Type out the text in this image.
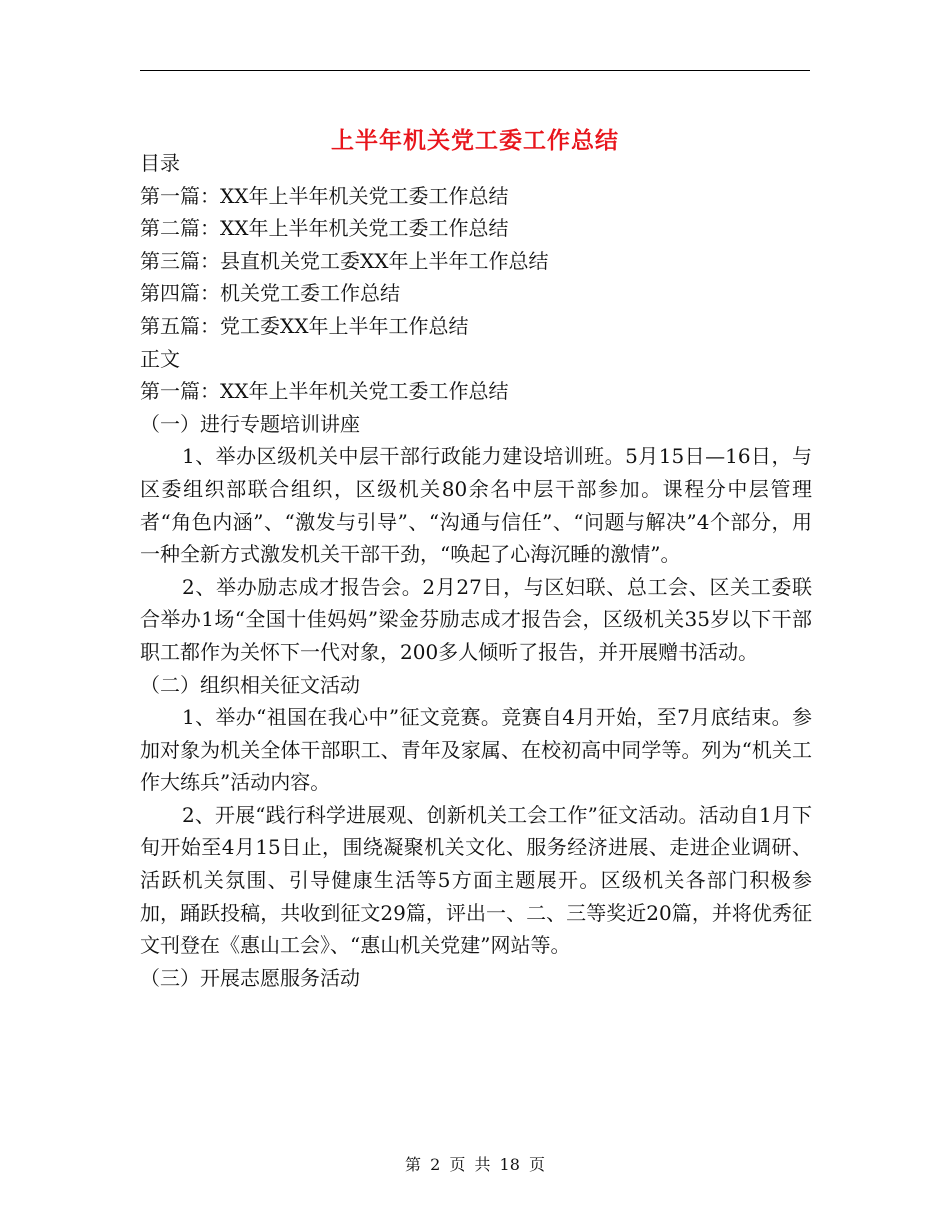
上半年机关党工委工作总结

目录

第一篇：XX年上半年机关党工委工作总结

第二篇：XX年上半年机关党工委工作总结

第三篇：县直机关党工委XX年上半年工作总结

第四篇：机关党工委工作总结

第五篇：党工委XX年上半年工作总结

正文

第一篇：XX年上半年机关党工委工作总结

（一）进行专题培训讲座

1、举办区级机关中层干部行政能力建设培训班。5月15日—16日，与区委组织部联合组织，区级机关80余名中层干部参加。课程分中层管理者“角色内涵”、“激发与引导”、“沟通与信任”、“问题与解决”4个部分，用一种全新方式激发机关干部干劲，“唤起了心海沉睡的激情”。

2、举办励志成才报告会。2月27日，与区妇联、总工会、区关工委联合举办1场“全国十佳妈妈”梁金芬励志成才报告会，区级机关35岁以下干部职工都作为关怀下一代对象，200多人倾听了报告，并开展赠书活动。

（二）组织相关征文活动

1、举办“祖国在我心中”征文竞赛。竞赛自4月开始，至7月底结束。参加对象为机关全体干部职工、青年及家属、在校初高中同学等。列为“机关工作大练兵”活动内容。

2、开展“践行科学进展观、创新机关工会工作”征文活动。活动自1月下旬开始至4月15日止，围绕凝聚机关文化、服务经济进展、走进企业调研、活跃机关氛围、引导健康生活等5方面主题展开。区级机关各部门积极参加，踊跃投稿，共收到征文29篇，评出一、二、三等奖近20篇，并将优秀征文刊登在《惠山工会》、“惠山机关党建”网站等。

（三）开展志愿服务活动

第 2 页 共 18 页
